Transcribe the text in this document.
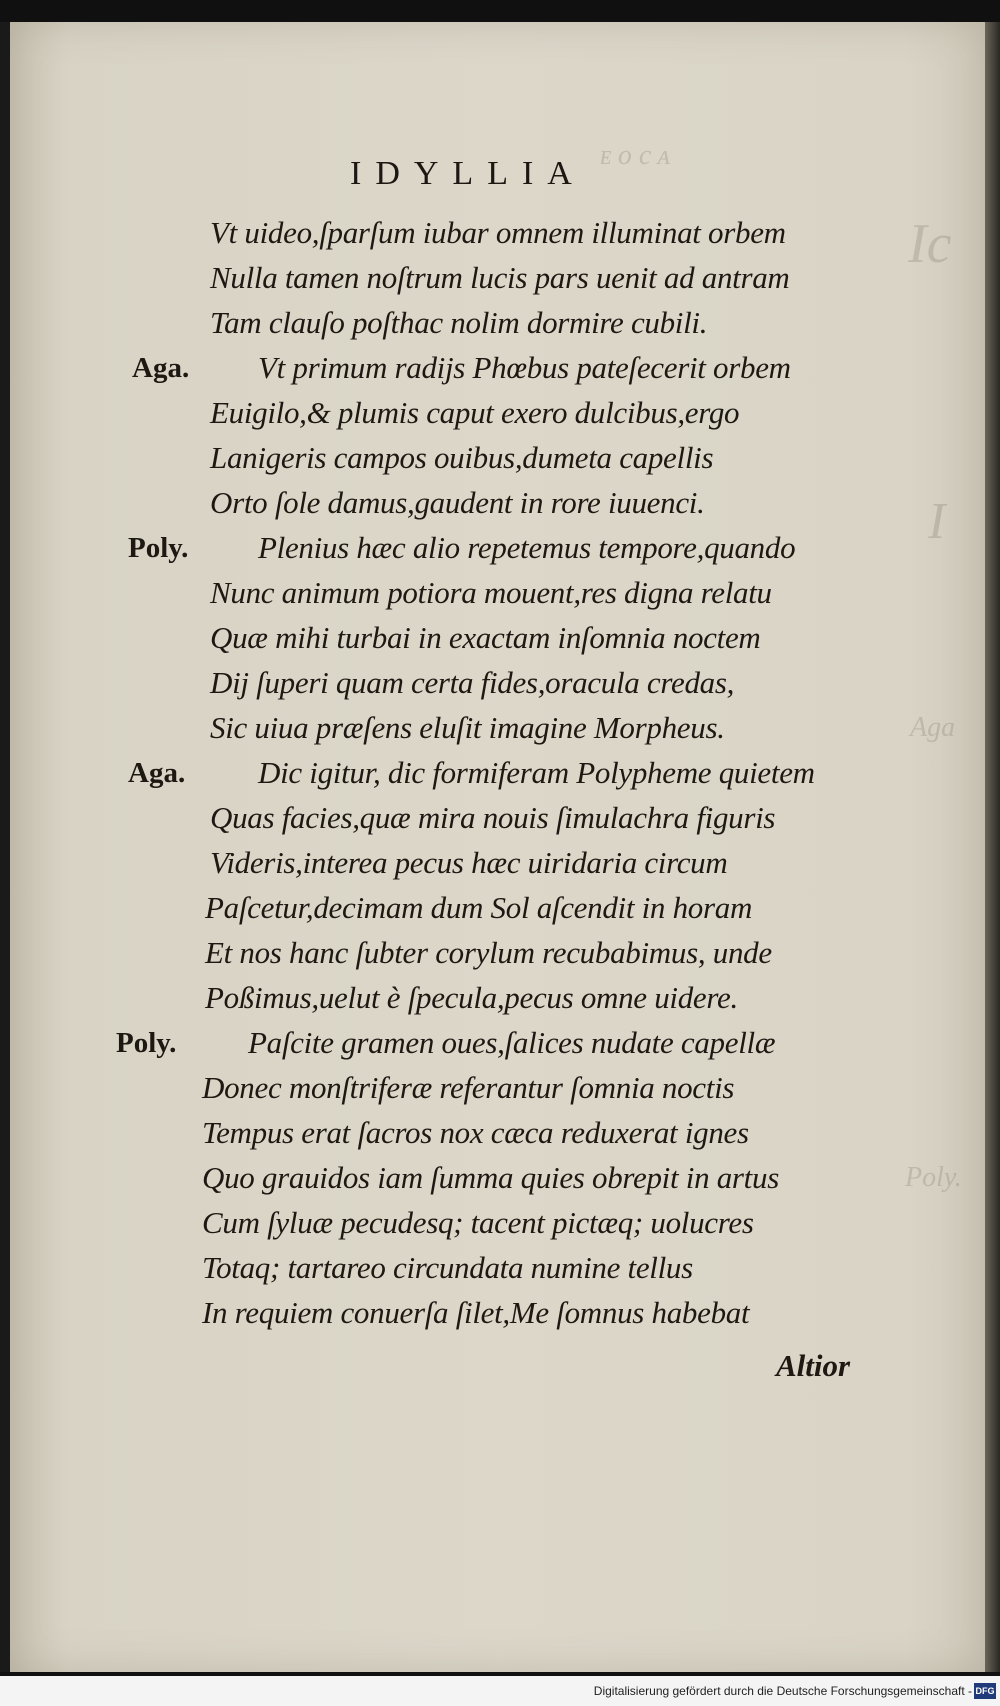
ᴇ o c ᴀ
Ic
I
Aga
Poly.
IDYLLIA
Vt uideo,ſparſum iubar omnem illuminat orbem
Nulla tamen noſtrum lucis pars uenit ad antram
Tam clauſo poſthac nolim dormire cubili.
Aga. Vt primum radijs Phœbus pateſecerit orbem
Euigilo,& plumis caput exero dulcibus,ergo
Lanigeris campos ouibus,dumeta capellis
Orto ſole damus,gaudent in rore iuuenci.
Poly. Plenius hæc alio repetemus tempore,quando
Nunc animum potiora mouent,res digna relatu
Quæ mihi turbai in exactam inſomnia noctem
Dij ſuperi quam certa fides,oracula credas,
Sic uiua præſens eluſit imagine Morpheus.
Aga. Dic igitur, dic formiferam Polypheme quietem
Quas facies,quæ mira nouis ſimulachra figuris
Videris,interea pecus hæc uiridaria circum
Paſcetur,decimam dum Sol aſcendit in horam
Et nos hanc ſubter corylum recubabimus, unde
Poßimus,uelut è ſpecula,pecus omne uidere.
Poly. Paſcite gramen oues,ſalices nudate capellæ
Donec monſtriferæ referantur ſomnia noctis
Tempus erat ſacros nox cæca reduxerat ignes
Quo grauidos iam ſumma quies obrepit in artus
Cum ſyluæ pecudesq; tacent pictæq; uolucres
Totaq; tartareo circundata numine tellus
In requiem conuerſa ſilet,Me ſomnus habebat
Altior
Digitalisierung gefördert durch die Deutsche Forschungsgemeinschaft - DFG
